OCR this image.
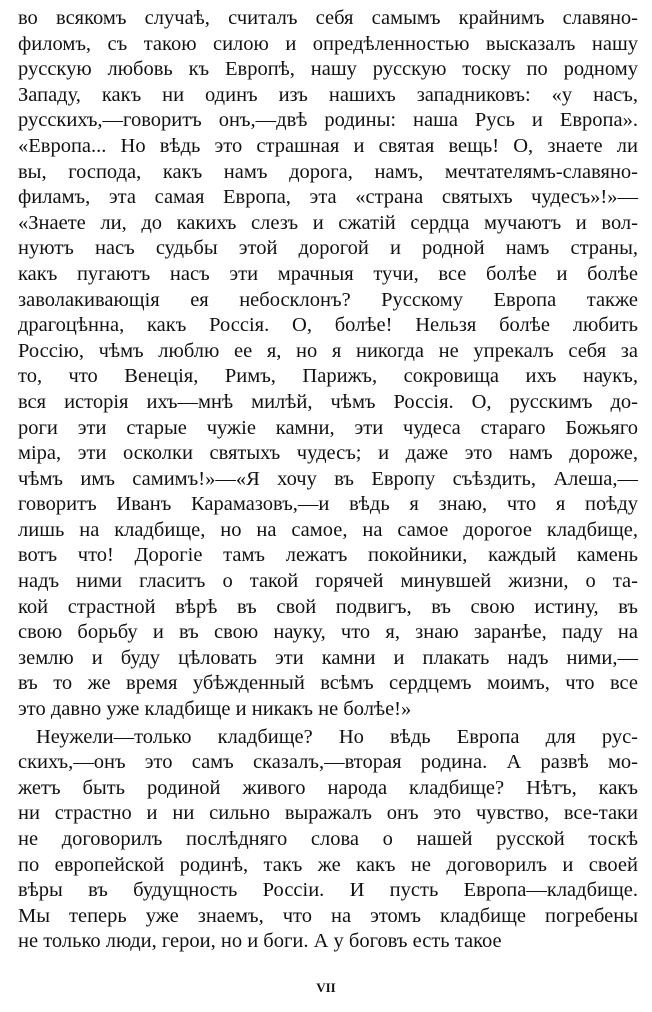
во всякомъ случаѣ, считалъ себя самымъ крайнимъ славяно-
филомъ, съ такою силою и опредѣленностью высказалъ нашу
русскую любовь къ Европѣ, нашу русскую тоску по родному
Западу, какъ ни одинъ изъ нашихъ западниковъ: «у насъ,
русскихъ,—говоритъ онъ,—двѣ родины: наша Русь и Европа».
«Европа... Но вѣдь это страшная и святая вещь! О, знаете ли
вы, господа, какъ намъ дорога, намъ, мечтателямъ-славяно-
филамъ, эта самая Европа, эта «страна святыхъ чудесъ»!»—
«Знаете ли, до какихъ слезъ и сжатій сердца мучаютъ и вол-
нуютъ насъ судьбы этой дорогой и родной намъ страны,
какъ пугаютъ насъ эти мрачныя тучи, все болѣе и болѣе
заволакивающія ея небосклонъ? Русскому Европа также
драгоцѣнна, какъ Россія. О, болѣе! Нельзя болѣе любить
Россію, чѣмъ люблю ее я, но я никогда не упрекалъ себя за
то, что Венеція, Римъ, Парижъ, сокровища ихъ наукъ,
вся исторія ихъ—мнѣ милѣй, чѣмъ Россія. О, русскимъ до-
роги эти старые чужіе камни, эти чудеса стараго Божьяго
міра, эти осколки святыхъ чудесъ; и даже это намъ дороже,
чѣмъ имъ самимъ!»—«Я хочу въ Европу съѣздить, Алеша,—
говоритъ Иванъ Карамазовъ,—и вѣдь я знаю, что я поѣду
лишь на кладбище, но на самое, на самое дорогое кладбище,
вотъ что! Дорогіе тамъ лежатъ покойники, каждый камень
надъ ними гласитъ о такой горячей минувшей жизни, о та-
кой страстной вѣрѣ въ свой подвигъ, въ свою истину, въ
свою борьбу и въ свою науку, что я, знаю заранѣе, паду на
землю и буду цѣловать эти камни и плакать надъ ними,—
въ то же время убѣжденный всѣмъ сердцемъ моимъ, что все
это давно уже кладбище и никакъ не болѣе!»
Неужели—только кладбище? Но вѣдь Европа для рус-
скихъ,—онъ это самъ сказалъ,—вторая родина. А развѣ мо-
жетъ быть родиной живого народа кладбище? Нѣтъ, какъ
ни страстно и ни сильно выражалъ онъ это чувство, все-таки
не договорилъ послѣдняго слова о нашей русской тоскѣ
по европейской родинѣ, такъ же какъ не договорилъ и своей
вѣры въ будущность Россіи. И пусть Европа—кладбище.
Мы теперь уже знаемъ, что на этомъ кладбище погребены
не только люди, герои, но и боги. А у боговъ есть такое
VII
